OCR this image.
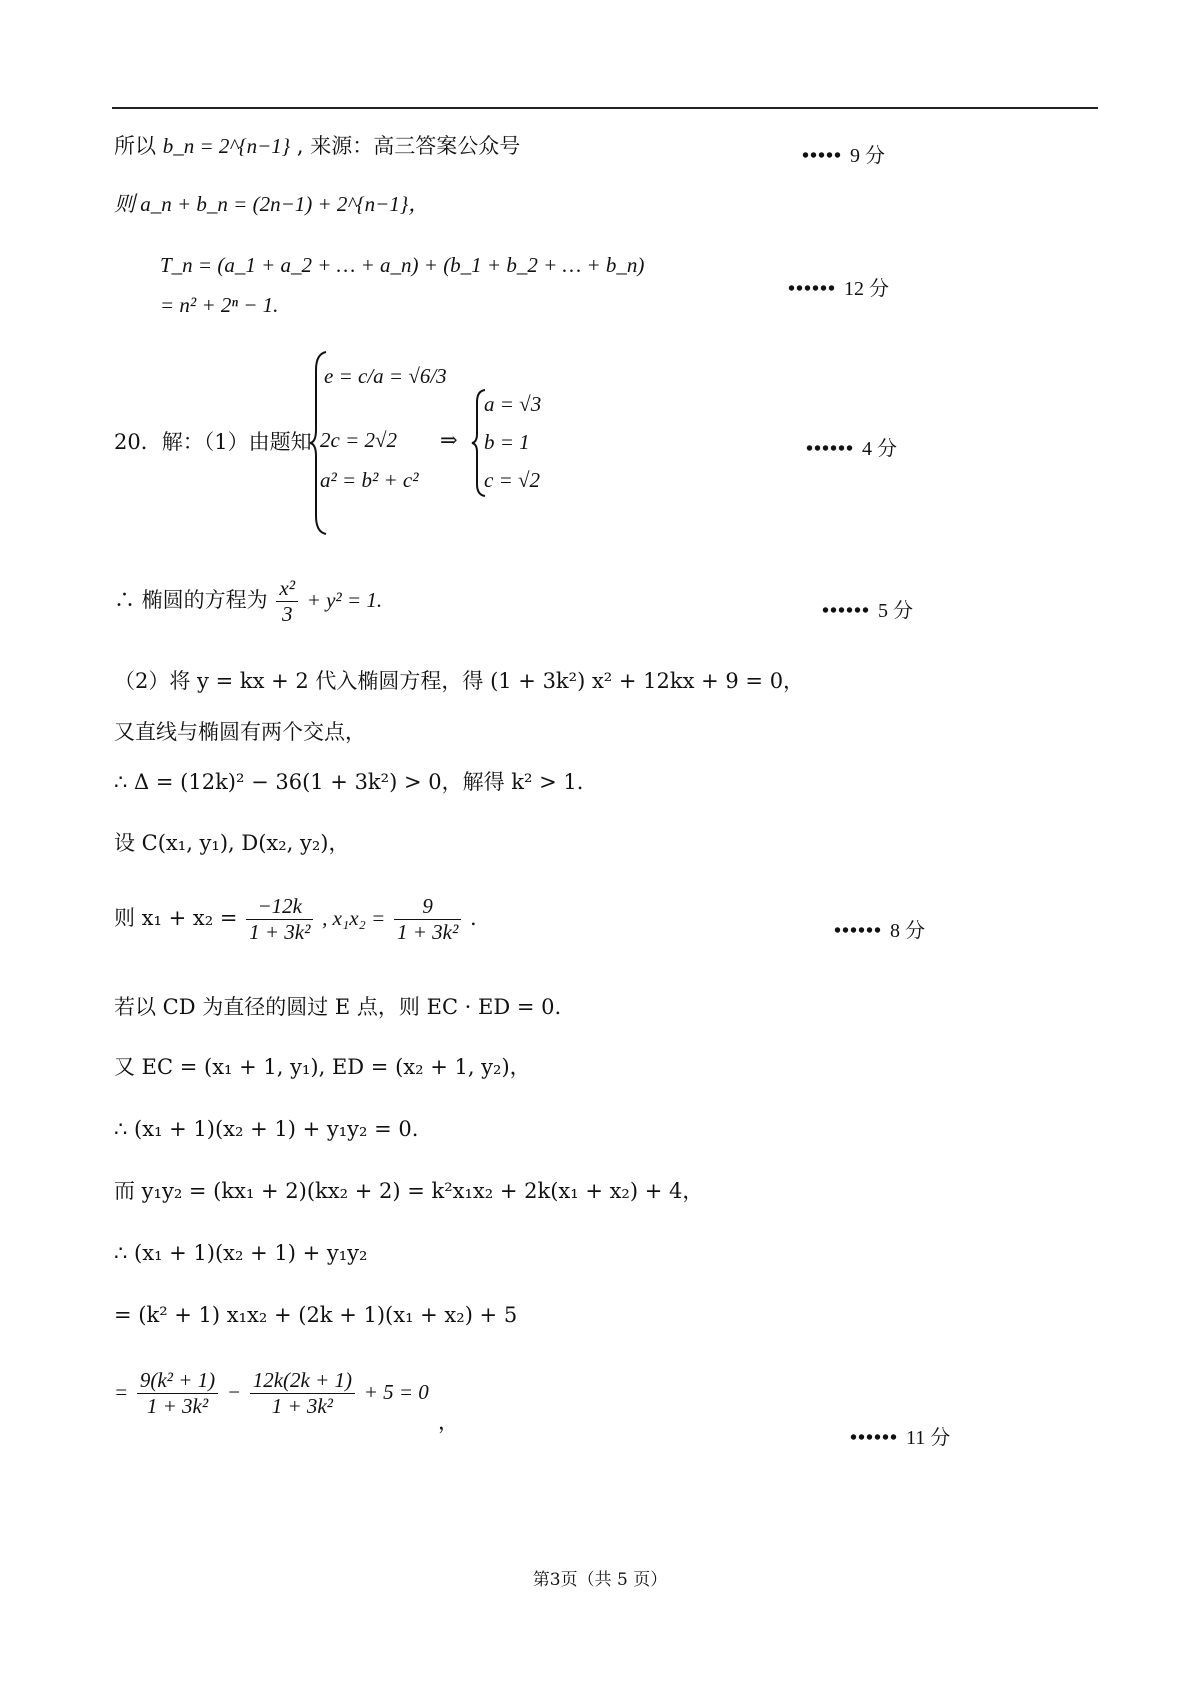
所以 b_n = 2^{n−1} , 来源：高三答案公众号	••••• 9 分
则 a_n + b_n = (2n−1) + 2^{n−1}，
T_n = (a_1 + a_2 + … + a_n) + (b_1 + b_2 + … + b_n)
= n² + 2ⁿ − 1.
•••••• 12 分
20．解：（1）由题知
e = c/a = √6/3
2c = 2√2
a² = b² + c²
⇒
a = √3
b = 1
c = √2
•••••• 4 分
∴ 椭圆的方程为 $\frac{\text{x²}}{3} + y^2 = 1$.	•••••• 5 分
（2）将 y = kx + 2 代入椭圆方程，得 (1 + 3k²) x² + 12kx + 9 = 0，
又直线与椭圆有两个交点，
∴ Δ = (12k)² − 36(1 + 3k²) > 0，解得 k² > 1.
设 C(x₁, y₁), D(x₂, y₂)，
则 $x_1 + x_2 = \frac{-12k}{\text{1 + 3k²}}$ , $x_1x_2 = \frac{9}{\text{1 + 3k²}}$ .
•••••• 8 分
若以 CD 为直径的圆过 E 点，则 EC · ED = 0.
又 EC = (x₁ + 1, y₁), ED = (x₂ + 1, y₂)，
∴ (x₁ + 1)(x₂ + 1) + y₁y₂ = 0.
而 y₁y₂ = (kx₁ + 2)(kx₂ + 2) = k²x₁x₂ + 2k(x₁ + x₂) + 4，
∴ (x₁ + 1)(x₂ + 1) + y₁y₂
= (k² + 1) x₁x₂ + (2k + 1)(x₁ + x₂) + 5
= $\frac{\text{9(k² + 1)}}{\text{1 + 3k²}} - \frac{12k(2k + 1)}{\text{1 + 3k²}} + 5 = 0$
，
•••••• 11 分
第3页（共 5 页）
